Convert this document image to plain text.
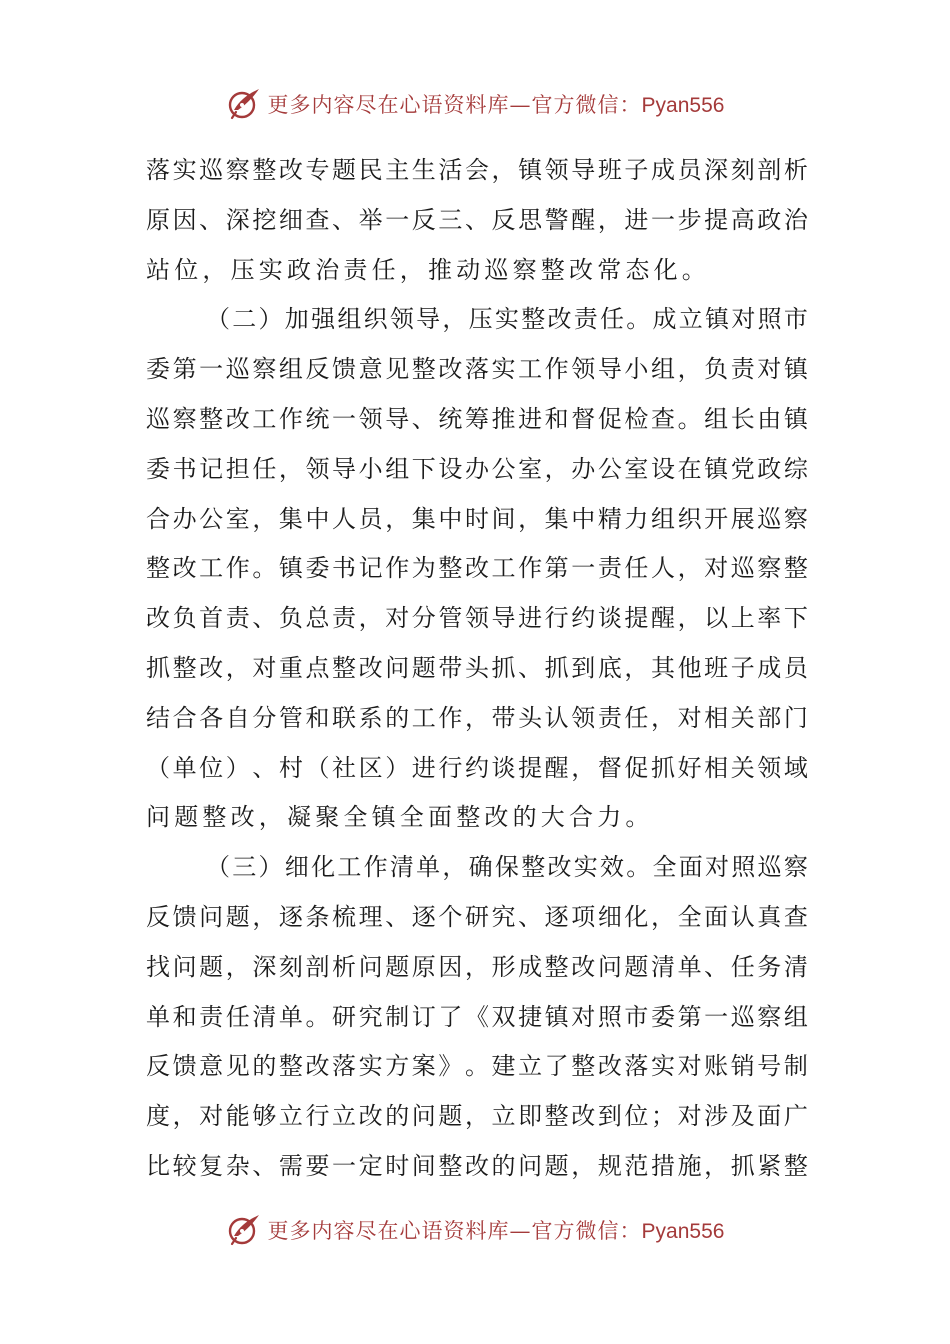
更多内容尽在心语资料库—官方微信：Pyan556
落 实 巡 察 整 改 专 题 民 主 生 活 会 ， 镇 领 导 班 子 成 员 深 刻 剖 析
原 因 、 深 挖 细 查 、 举 一 反 三 、 反 思 警 醒 ， 进 一 步 提 高 政 治
站位，压实政治责任，推动巡察整改常态化。
（ 二 ） 加 强 组 织 领 导 ， 压 实 整 改 责 任 。 成 立 镇 对 照 市
委 第 一 巡 察 组 反 馈 意 见 整 改 落 实 工 作 领 导 小 组 ， 负 责 对 镇
巡 察 整 改 工 作 统 一 领 导 、 统 筹 推 进 和 督 促 检 查 。 组 长 由 镇
委 书 记 担 任 ， 领 导 小 组 下 设 办 公 室 ， 办 公 室 设 在 镇 党 政 综
合 办 公 室 ， 集 中 人 员 ， 集 中 时 间 ， 集 中 精 力 组 织 开 展 巡 察
整 改 工 作 。 镇 委 书 记 作 为 整 改 工 作 第 一 责 任 人 ， 对 巡 察 整
改 负 首 责 、 负 总 责 ， 对 分 管 领 导 进 行 约 谈 提 醒 ， 以 上 率 下
抓 整 改 ， 对 重 点 整 改 问 题 带 头 抓 、 抓 到 底 ， 其 他 班 子 成 员
结 合 各 自 分 管 和 联 系 的 工 作 ， 带 头 认 领 责 任 ， 对 相 关 部 门
（ 单 位 ） 、 村 （ 社 区 ） 进 行 约 谈 提 醒 ， 督 促 抓 好 相 关 领 域
问题整改，凝聚全镇全面整改的大合力。
（ 三 ） 细 化 工 作 清 单 ， 确 保 整 改 实 效 。 全 面 对 照 巡 察
反 馈 问 题 ， 逐 条 梳 理 、 逐 个 研 究 、 逐 项 细 化 ， 全 面 认 真 查
找 问 题 ， 深 刻 剖 析 问 题 原 因 ， 形 成 整 改 问 题 清 单 、 任 务 清
单 和 责 任 清 单 。 研 究 制 订 了 《 双 捷 镇 对 照 市 委 第 一 巡 察 组
反 馈 意 见 的 整 改 落 实 方 案 》 。 建 立 了 整 改 落 实 对 账 销 号 制
度 ， 对 能 够 立 行 立 改 的 问 题 ， 立 即 整 改 到 位 ； 对 涉 及 面 广
比 较 复 杂 、 需 要 一 定 时 间 整 改 的 问 题 ， 规 范 措 施 ， 抓 紧 整
更多内容尽在心语资料库—官方微信：Pyan556
